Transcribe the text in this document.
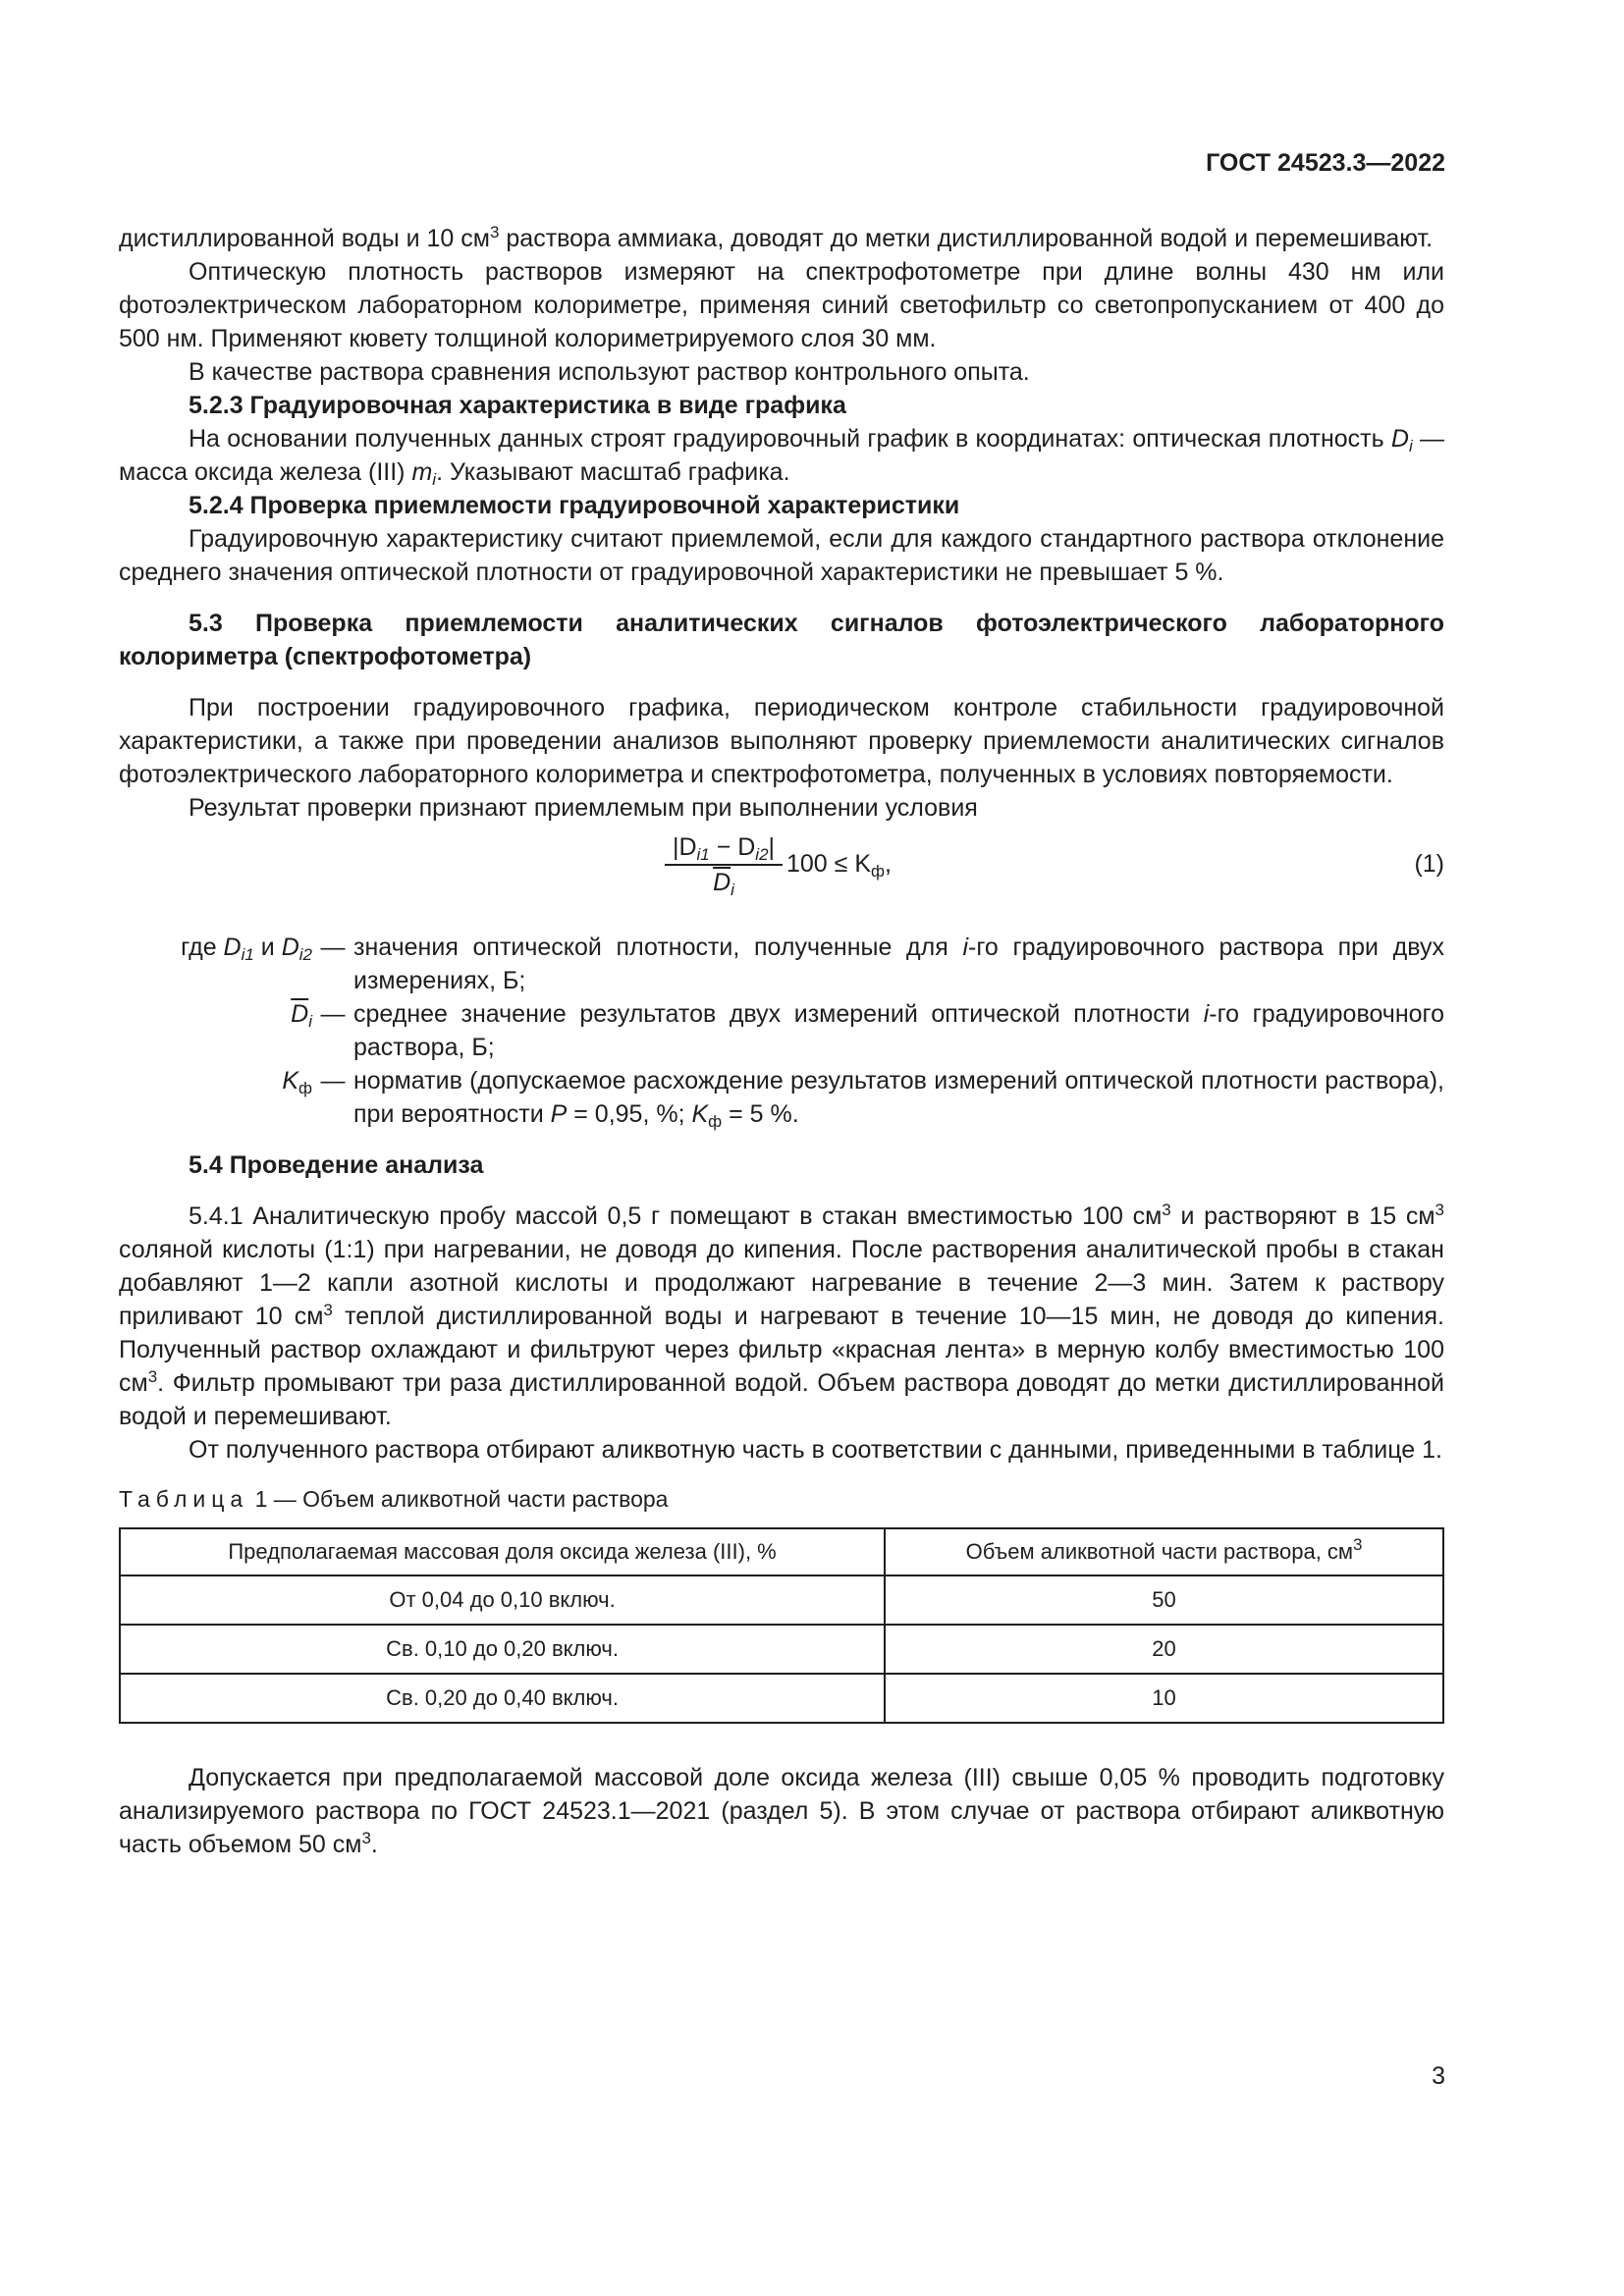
ГОСТ 24523.3—2022

дистиллированной воды и 10 $см^3$ раствора аммиака, доводят до метки дистиллированной водой и перемешивают.

Оптическую плотность растворов измеряют на спектрофотометре при длине волны 430 нм или фотоэлектрическом лабораторном колориметре, применяя синий светофильтр со светопропусканием от 400 до 500 нм. Применяют кювету толщиной колориметрируемого слоя 30 мм.

В качестве раствора сравнения используют раствор контрольного опыта.

5.2.3 Градуировочная характеристика в виде графика

На основании полученных данных строят градуировочный график в координатах: оптическая плотность $D_i$ — масса оксида железа (III) $m_i$. Указывают масштаб графика.

5.2.4 Проверка приемлемости градуировочной характеристики

Градуировочную характеристику считают приемлемой, если для каждого стандартного раствора отклонение среднего значения оптической плотности от градуировочной характеристики не превышает 5 %.

5.3 Проверка приемлемости аналитических сигналов фотоэлектрического лабораторного колориметра (спектрофотометра)

При построении градуировочного графика, периодическом контроле стабильности градуировочной характеристики, а также при проведении анализов выполняют проверку приемлемости аналитических сигналов фотоэлектрического лабораторного колориметра и спектрофотометра, полученных в условиях повторяемости.

Результат проверки признают приемлемым при выполнении условия

$\frac{|D_{i1} - D_{i2}|}{\overline{D}_i} 100 \le K_ф$,	(1)
где $D_{i1}$ и $D_{i2}$ — значения оптической плотности, полученные для i-го градуировочного раствора при двух измерениях, Б;
$\overline{D}_i$ — среднее значение результатов двух измерений оптической плотности i-го градуировочного раствора, Б;
$K_ф$ — норматив (допускаемое расхождение результатов измерений оптической плотности раствора), при вероятности P = 0,95, %; $K_ф = 5$ %.

5.4 Проведение анализа

5.4.1 Аналитическую пробу массой 0,5 г помещают в стакан вместимостью 100 $см^3$ и растворяют в 15 $см^3$ соляной кислоты (1:1) при нагревании, не доводя до кипения. После растворения аналитической пробы в стакан добавляют 1—2 капли азотной кислоты и продолжают нагревание в течение 2—3 мин. Затем к раствору приливают 10 $см^3$ теплой дистиллированной воды и нагревают в течение 10—15 мин, не доводя до кипения. Полученный раствор охлаждают и фильтруют через фильтр «красная лента» в мерную колбу вместимостью 100 $см^3$. Фильтр промывают три раза дистиллированной водой. Объем раствора доводят до метки дистиллированной водой и перемешивают.

От полученного раствора отбирают аликвотную часть в соответствии с данными, приведенными в таблице 1.

Таблица 1 — Объем аликвотной части раствора
Предполагаемая массовая доля оксида железа (III), %	Объем аликвотной части раствора, $см^3$
От 0,04 до 0,10 включ.	50
Св. 0,10 до 0,20 включ.	20
Св. 0,20 до 0,40 включ.	10

Допускается при предполагаемой массовой доле оксида железа (III) свыше 0,05 % проводить подготовку анализируемого раствора по ГОСТ 24523.1—2021 (раздел 5). В этом случае от раствора отбирают аликвотную часть объемом 50 $см^3$.

3
